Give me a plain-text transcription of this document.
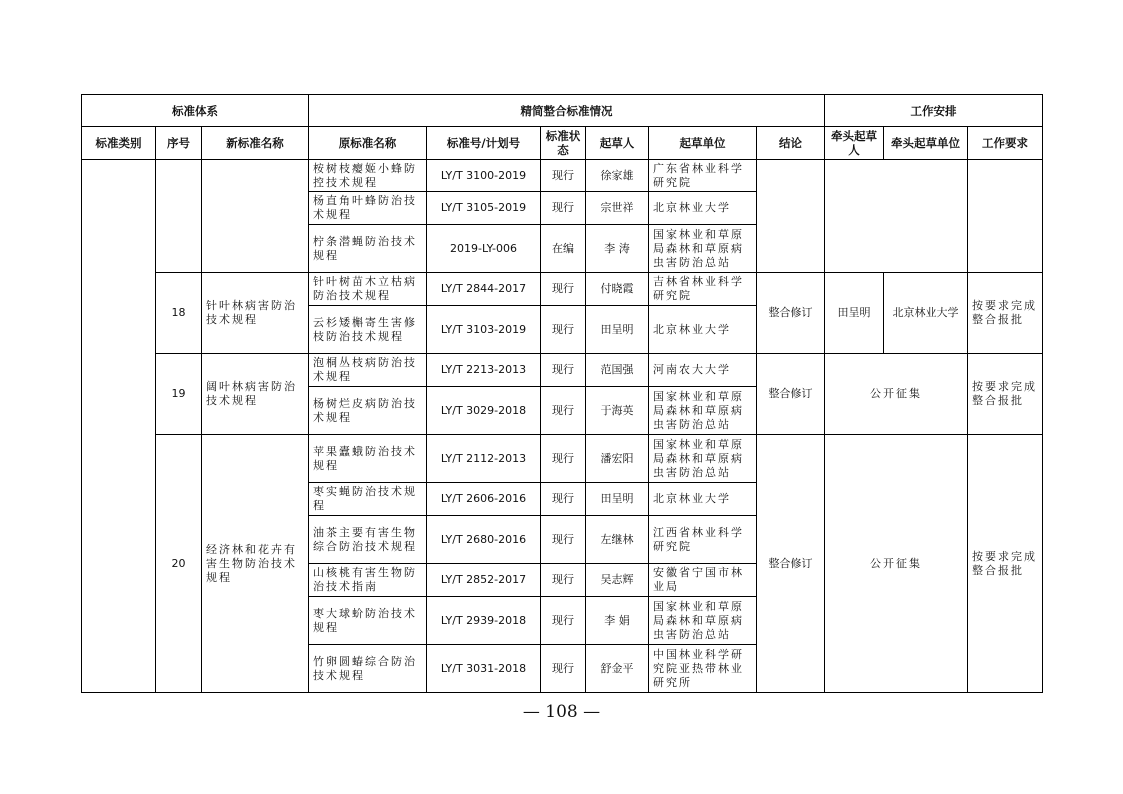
标准体系			精简整合标准情况						工作安排		
标准类别	序号	新标准名称	原标准名称	标准号/计划号	标准状态	起草人	起草单位	结论	牵头起草人	牵头起草单位	工作要求
			桉树枝瘿姬小蜂防控技术规程	LY/T 3100-2019	现行	徐家雄	广东省林业科学研究院				
			杨直角叶蜂防治技术规程	LY/T 3105-2019	现行	宗世祥	北京林业大学				
			柠条潜蝇防治技术规程	2019-LY-006	在编	李 涛	国家林业和草原局森林和草原病虫害防治总站				
	18	针叶林病害防治技术规程	针叶树苗木立枯病防治技术规程	LY/T 2844-2017	现行	付晓霞	吉林省林业科学研究院	整合修订	田呈明	北京林业大学	按要求完成整合报批
			云杉矮槲寄生害修枝防治技术规程	LY/T 3103-2019	现行	田呈明	北京林业大学				
	19	阔叶林病害防治技术规程	泡桐丛枝病防治技术规程	LY/T 2213-2013	现行	范国强	河南农大大学	整合修订	公开征集		按要求完成整合报批
			杨树烂皮病防治技术规程	LY/T 3029-2018	现行	于海英	国家林业和草原局森林和草原病虫害防治总站				
	20	经济林和花卉有害生物防治技术规程	苹果蠹蛾防治技术规程	LY/T 2112-2013	现行	潘宏阳	国家林业和草原局森林和草原病虫害防治总站	整合修订	公开征集		按要求完成整合报批
			枣实蝇防治技术规程	LY/T 2606-2016	现行	田呈明	北京林业大学				
			油茶主要有害生物综合防治技术规程	LY/T 2680-2016	现行	左继林	江西省林业科学研究院				
			山核桃有害生物防治技术指南	LY/T 2852-2017	现行	吴志辉	安徽省宁国市林业局				
			枣大球蚧防治技术规程	LY/T 2939-2018	现行	李 娟	国家林业和草原局森林和草原病虫害防治总站				
			竹卵圆蝽综合防治技术规程	LY/T 3031-2018	现行	舒金平	中国林业科学研究院亚热带林业研究所				
— 108 —
